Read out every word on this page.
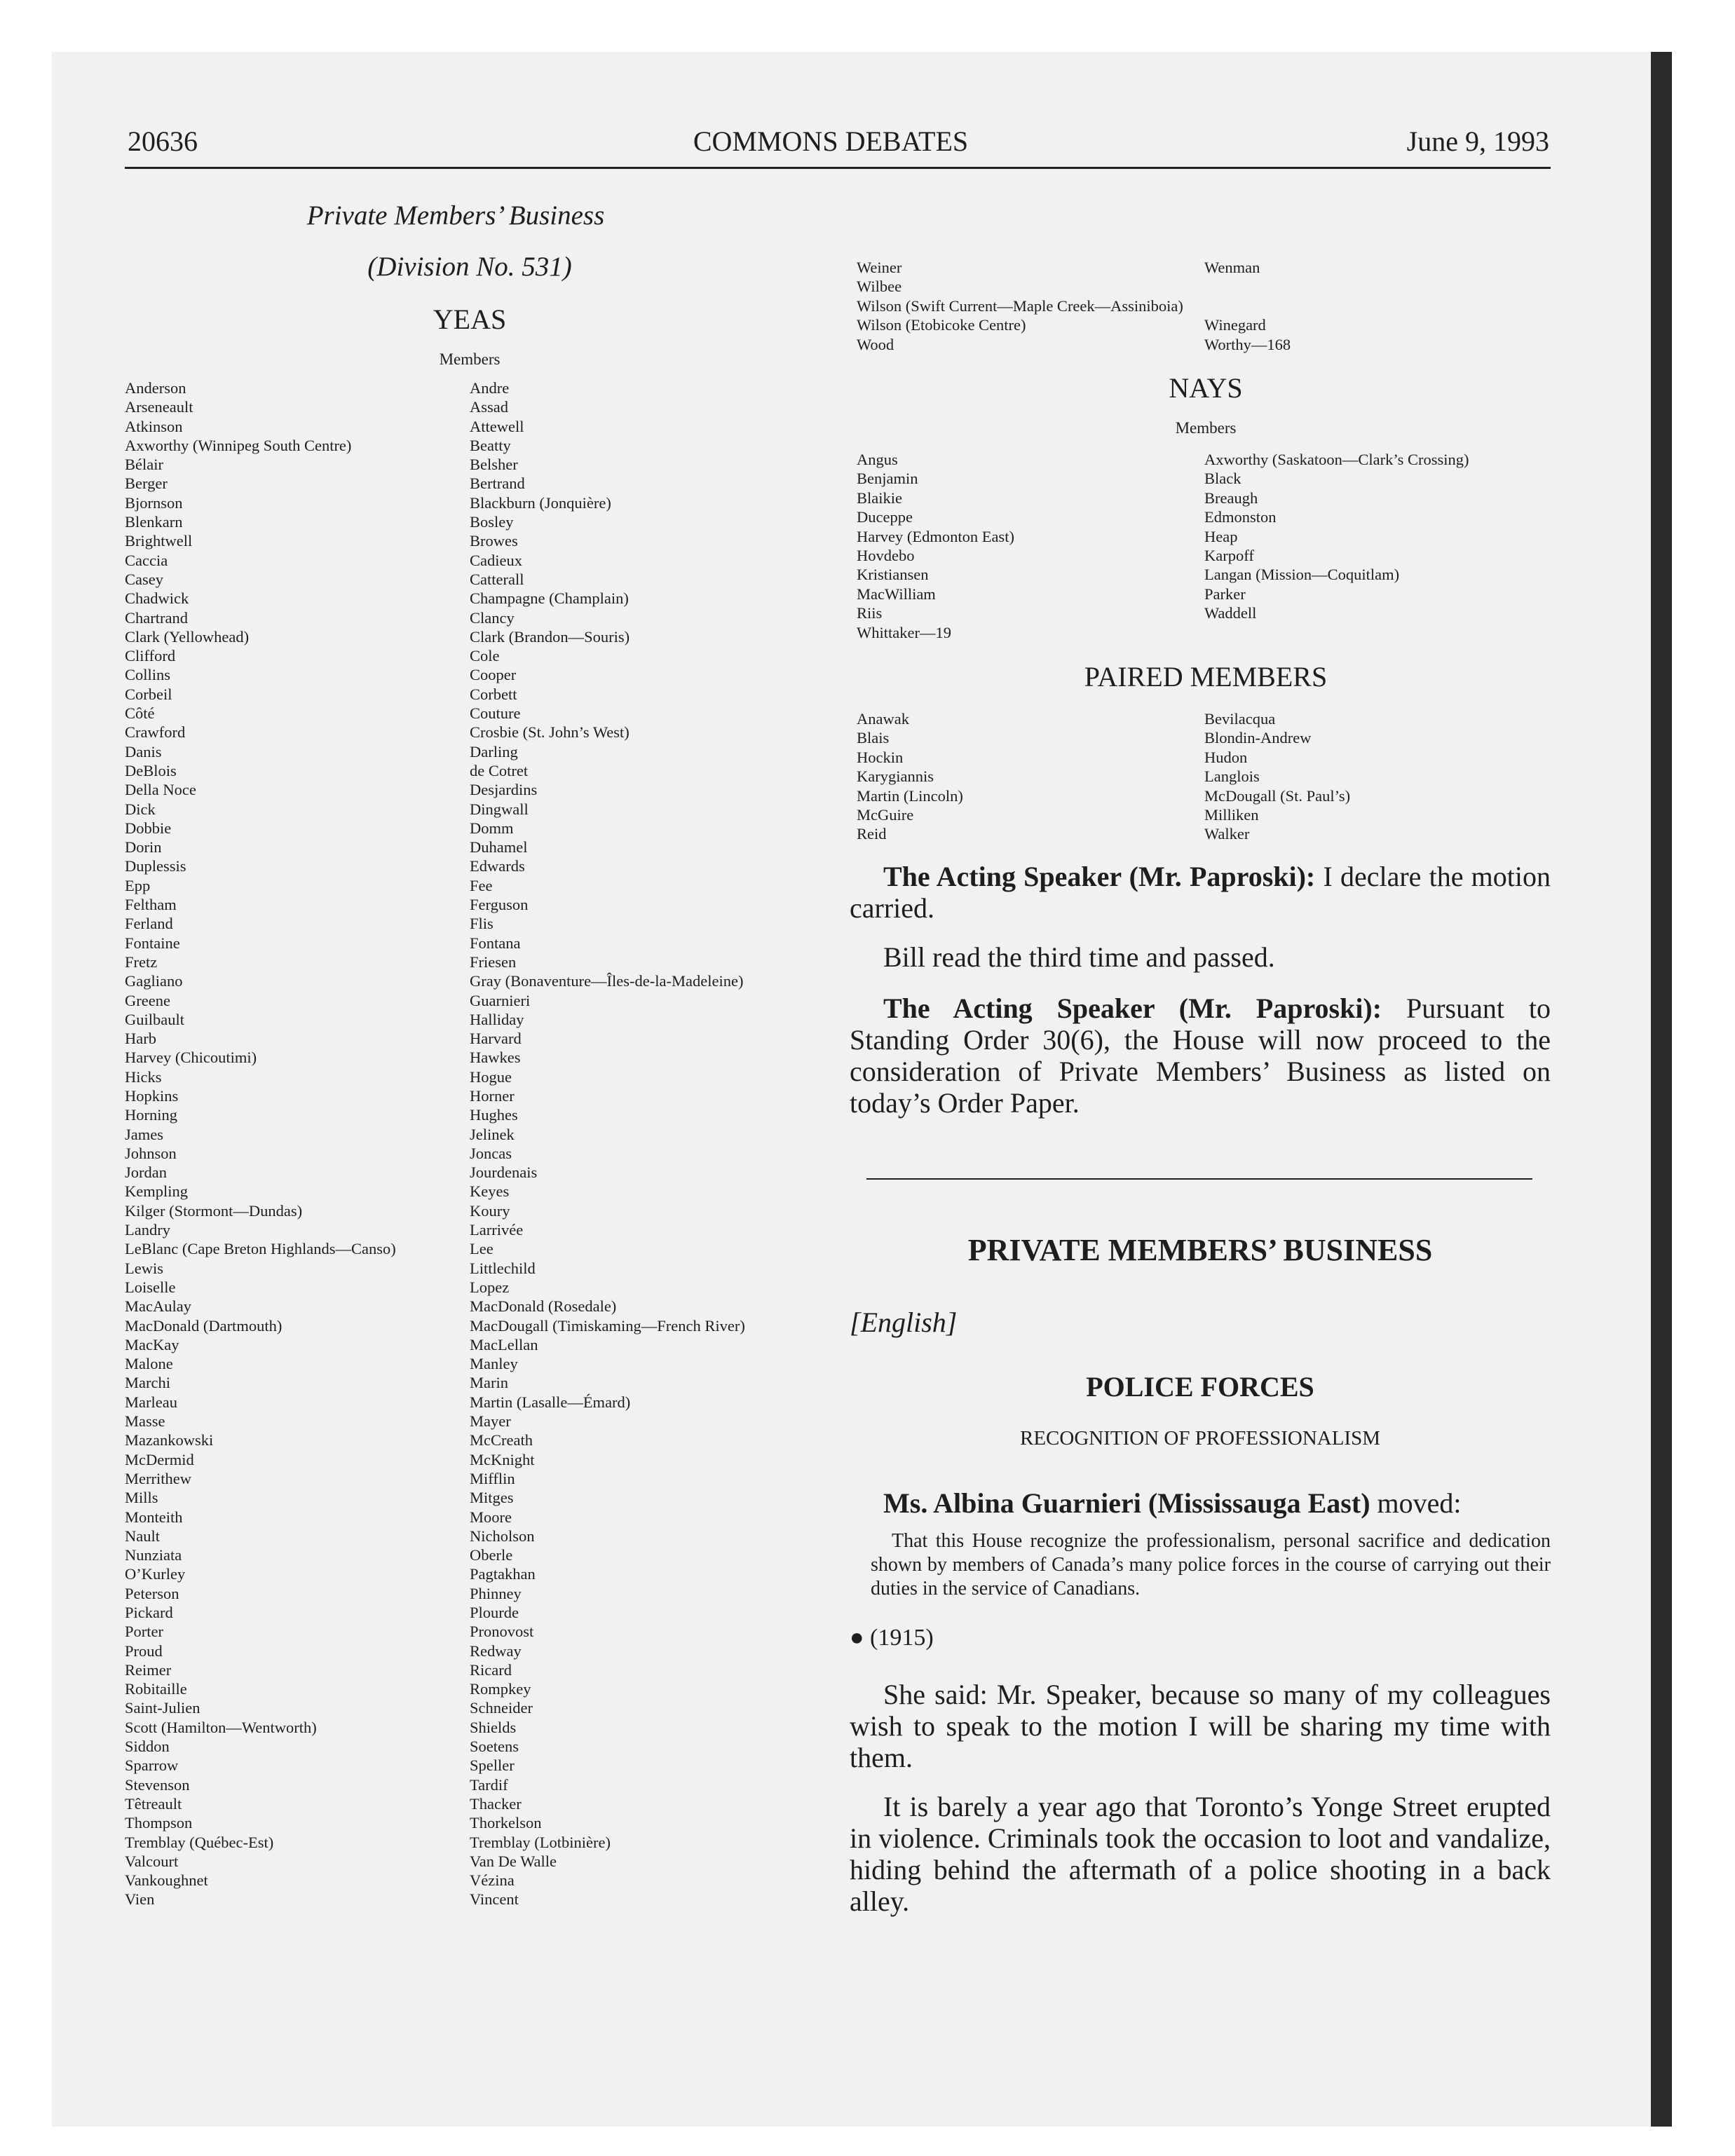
20636	COMMONS DEBATES	June 9, 1993
Private Members’ Business
(Division No. 531)
YEAS
Members
Anderson
Arseneault
Atkinson
Axworthy (Winnipeg South Centre)
Bélair
Berger
Bjornson
Blenkarn
Brightwell
Caccia
Casey
Chadwick
Chartrand
Clark (Yellowhead)
Clifford
Collins
Corbeil
Côté
Crawford
Danis
DeBlois
Della Noce
Dick
Dobbie
Dorin
Duplessis
Epp
Feltham
Ferland
Fontaine
Fretz
Gagliano
Greene
Guilbault
Harb
Harvey (Chicoutimi)
Hicks
Hopkins
Horning
James
Johnson
Jordan
Kempling
Kilger (Stormont—Dundas)
Landry
LeBlanc (Cape Breton Highlands—Canso)
Lewis
Loiselle
MacAulay
MacDonald (Dartmouth)
MacKay
Malone
Marchi
Marleau
Masse
Mazankowski
McDermid
Merrithew
Mills
Monteith
Nault
Nunziata
O’Kurley
Peterson
Pickard
Porter
Proud
Reimer
Robitaille
Saint-Julien
Scott (Hamilton—Wentworth)
Siddon
Sparrow
Stevenson
Têtreault
Thompson
Tremblay (Québec-Est)
Valcourt
Vankoughnet
Vien
Andre
Assad
Attewell
Beatty
Belsher
Bertrand
Blackburn (Jonquière)
Bosley
Browes
Cadieux
Catterall
Champagne (Champlain)
Clancy
Clark (Brandon—Souris)
Cole
Cooper
Corbett
Couture
Crosbie (St. John’s West)
Darling
de Cotret
Desjardins
Dingwall
Domm
Duhamel
Edwards
Fee
Ferguson
Flis
Fontana
Friesen
Gray (Bonaventure—Îles-de-la-Madeleine)
Guarnieri
Halliday
Harvard
Hawkes
Hogue
Horner
Hughes
Jelinek
Joncas
Jourdenais
Keyes
Koury
Larrivée
Lee
Littlechild
Lopez
MacDonald (Rosedale)
MacDougall (Timiskaming—French River)
MacLellan
Manley
Marin
Martin (Lasalle—Émard)
Mayer
McCreath
McKnight
Mifflin
Mitges
Moore
Nicholson
Oberle
Pagtakhan
Phinney
Plourde
Pronovost
Redway
Ricard
Rompkey
Schneider
Shields
Soetens
Speller
Tardif
Thacker
Thorkelson
Tremblay (Lotbinière)
Van De Walle
Vézina
Vincent
Weiner
Wilbee
Wilson (Swift Current—Maple Creek—Assiniboia)
Wilson (Etobicoke Centre)
Wood
Wenman

Winegard
Worthy—168
NAYS
Members
Angus
Benjamin
Blaikie
Duceppe
Harvey (Edmonton East)
Hovdebo
Kristiansen
MacWilliam
Riis
Whittaker—19
Axworthy (Saskatoon—Clark’s Crossing)
Black
Breaugh
Edmonston
Heap
Karpoff
Langan (Mission—Coquitlam)
Parker
Waddell

PAIRED MEMBERS
Anawak
Blais
Hockin
Karygiannis
Martin (Lincoln)
McGuire
Reid
Bevilacqua
Blondin-Andrew
Hudon
Langlois
McDougall (St. Paul’s)
Milliken
Walker
The Acting Speaker (Mr. Paproski): I declare the motion carried.
Bill read the third time and passed.
The Acting Speaker (Mr. Paproski): Pursuant to Standing Order 30(6), the House will now proceed to the consideration of Private Members’ Business as listed on today’s Order Paper.
PRIVATE MEMBERS’ BUSINESS
[English]
POLICE FORCES
RECOGNITION OF PROFESSIONALISM
Ms. Albina Guarnieri (Mississauga East) moved:
That this House recognize the professionalism, personal sacrifice and dedication shown by members of Canada’s many police forces in the course of carrying out their duties in the service of Canadians.
● (1915)
She said: Mr. Speaker, because so many of my colleagues wish to speak to the motion I will be sharing my time with them.
It is barely a year ago that Toronto’s Yonge Street erupted in violence. Criminals took the occasion to loot and vandalize, hiding behind the aftermath of a police shooting in a back alley.
